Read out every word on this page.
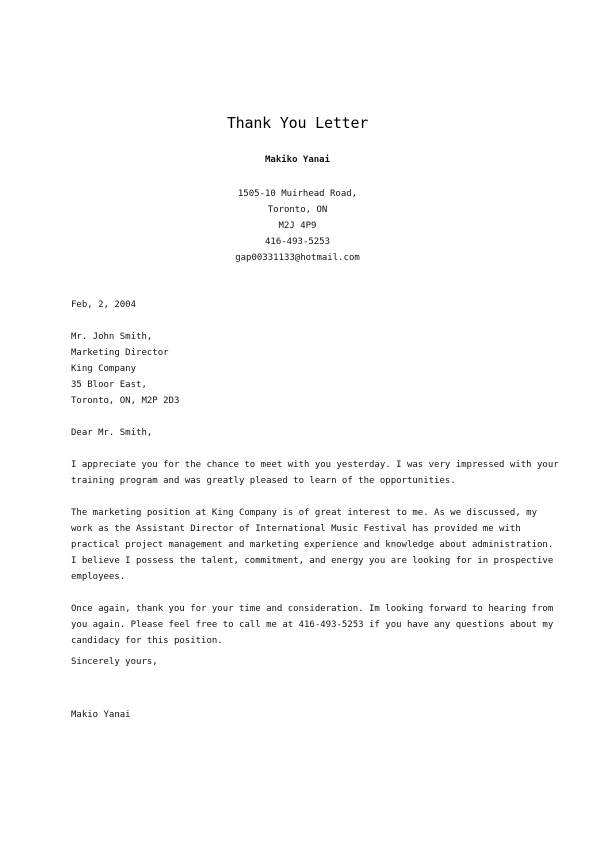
Thank You Letter

Makiko Yanai

1505-10 Muirhead Road,
Toronto, ON
M2J 4P9
416-493-5253
gap00331133@hotmail.com
Feb, 2, 2004
Mr. John Smith,
Marketing Director
King Company
35 Bloor East,
Toronto, ON, M2P 2D3
Dear Mr. Smith,
I appreciate you for the chance to meet with you yesterday. I was very impressed with your
training program and was greatly pleased to learn of the opportunities.
The marketing position at King Company is of great interest to me. As we discussed, my
work as the Assistant Director of International Music Festival has provided me with
practical project management and marketing experience and knowledge about administration.
I believe I possess the talent, commitment, and energy you are looking for in prospective
employees.
Once again, thank you for your time and consideration. Im looking forward to hearing from
you again. Please feel free to call me at 416-493-5253 if you have any questions about my
candidacy for this position.
Sincerely yours,
Makio Yanai
